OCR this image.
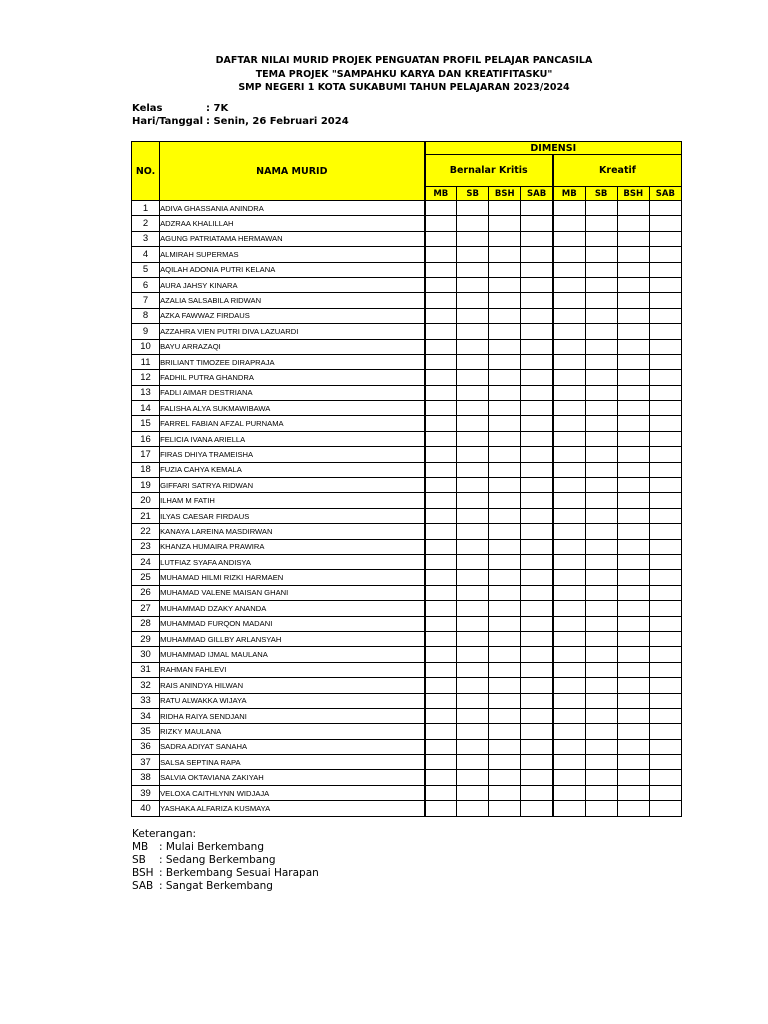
DAFTAR NILAI MURID PROJEK PENGUATAN PROFIL PELAJAR PANCASILA
TEMA PROJEK "SAMPAHKU KARYA DAN KREATIFITASKU"
SMP NEGERI 1 KOTA SUKABUMI TAHUN PELAJARAN 2023/2024
Kelas	: 7K
Hari/Tanggal : Senin, 26 Februari 2024
NO.	NAMA MURID	DIMENSI							
		Bernalar Kritis				Kreatif			
		MB	SB	BSH	SAB	MB	SB	BSH	SAB
1	ADIVA GHASSANIA ANINDRA								
2	ADZRAA KHALILLAH								
3	AGUNG PATRIATAMA HERMAWAN								
4	ALMIRAH SUPERMAS								
5	AQILAH ADONIA PUTRI KELANA								
6	AURA JAHSY KINARA								
7	AZALIA SALSABILA RIDWAN								
8	AZKA FAWWAZ FIRDAUS								
9	AZZAHRA VIEN PUTRI DIVA LAZUARDI								
10	BAYU ARRAZAQI								
11	BRILIANT TIMOZEE DIRAPRAJA								
12	FADHIL PUTRA GHANDRA								
13	FADLI AIMAR DESTRIANA								
14	FALISHA ALYA SUKMAWIBAWA								
15	FARREL FABIAN AFZAL PURNAMA								
16	FELICIA IVANA ARIELLA								
17	FIRAS DHIYA TRAMEISHA								
18	FUZIA CAHYA KEMALA								
19	GIFFARI SATRYA RIDWAN								
20	ILHAM M FATIH								
21	ILYAS CAESAR FIRDAUS								
22	KANAYA LAREINA MASDIRWAN								
23	KHANZA HUMAIRA PRAWIRA								
24	LUTFIAZ SYAFA ANDISYA								
25	MUHAMAD HILMI RIZKI HARMAEN								
26	MUHAMAD VALENE MAISAN GHANI								
27	MUHAMMAD DZAKY ANANDA								
28	MUHAMMAD FURQON MADANI								
29	MUHAMMAD GILLBY ARLANSYAH								
30	MUHAMMAD IJMAL MAULANA								
31	RAHMAN FAHLEVI								
32	RAIS ANINDYA HILWAN								
33	RATU ALWAKKA WIJAYA								
34	RIDHA RAIYA SENDJANI								
35	RIZKY MAULANA								
36	SADRA ADIYAT SANAHA								
37	SALSA SEPTINA RAPA								
38	SALVIA OKTAVIANA ZAKIYAH								
39	VELOXA CAITHLYNN WIDJAJA								
40	YASHAKA ALFARIZA KUSMAYA								
Keterangan:
MB : Mulai Berkembang
SB : Sedang Berkembang
BSH : Berkembang Sesuai Harapan
SAB : Sangat Berkembang
